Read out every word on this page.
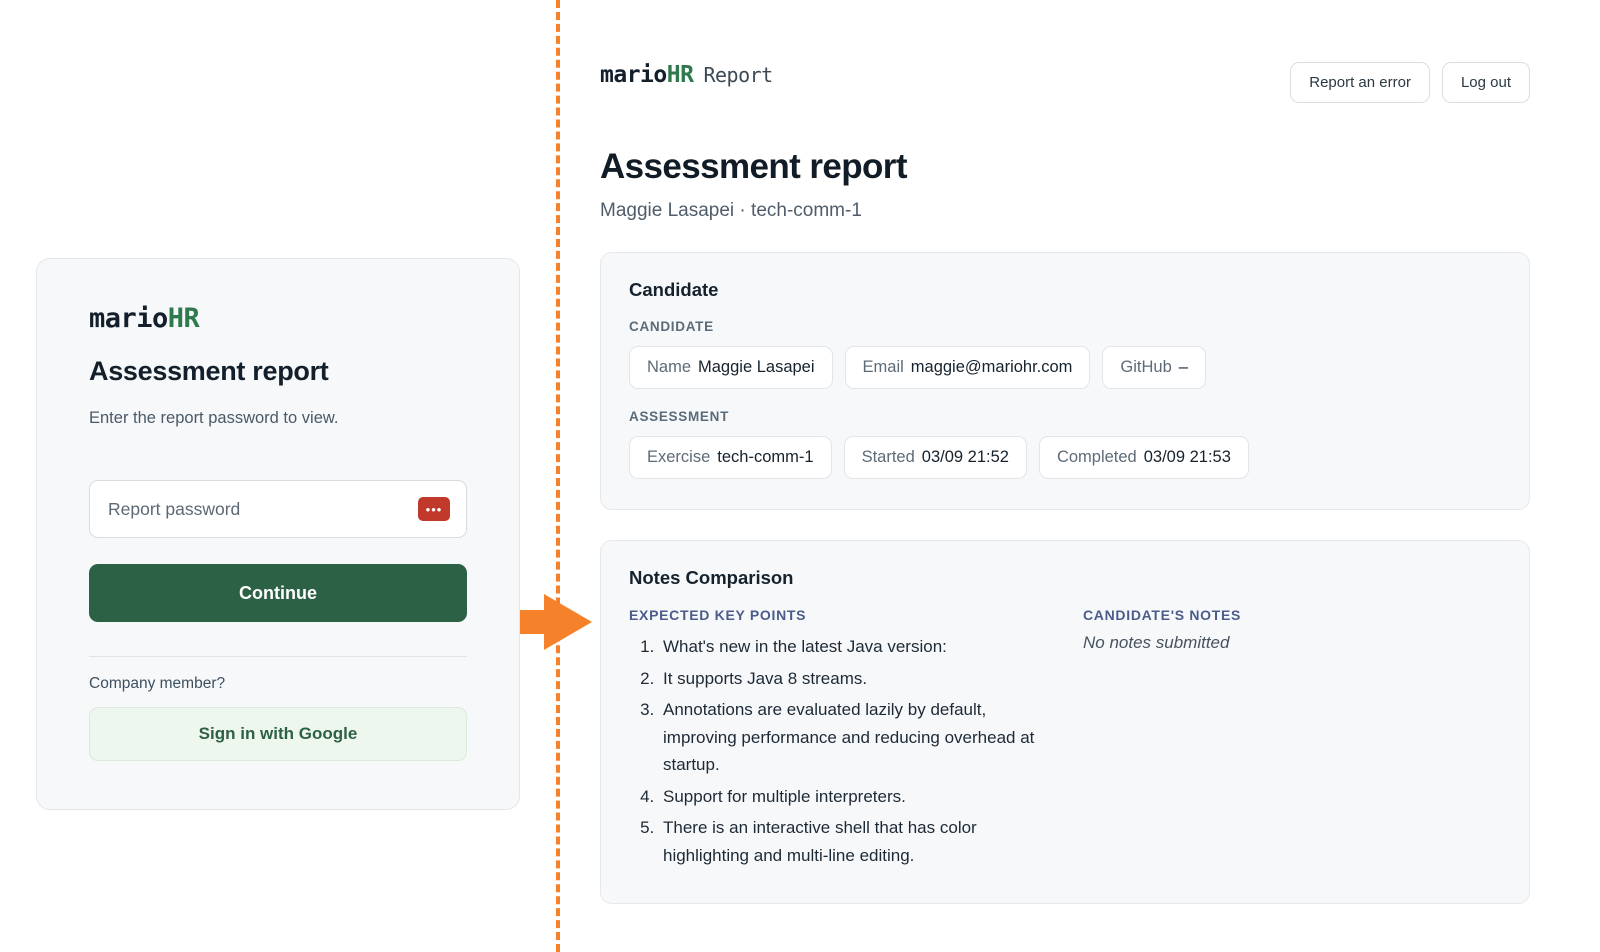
marioHR
Assessment report

Enter the report password to view.

Report password
•••
Continue

Company member?

Sign in with Google
marioHR Report	Report an error	Log out
Assessment report

Maggie Lasapei · tech-comm-1

Candidate
CANDIDATE
Name Maggie Lasapei	Email maggie@mariohr.com	GitHub –
ASSESSMENT
Exercise tech-comm-1	Started 03/09 21:52	Completed 03/09 21:53
Notes Comparison
EXPECTED KEY POINTS
1. What's new in the latest Java version:
2. It supports Java 8 streams.
3. Annotations are evaluated lazily by default, improving performance and reducing overhead at startup.
4. Support for multiple interpreters.
5. There is an interactive shell that has color highlighting and multi-line editing.
CANDIDATE'S NOTES

No notes submitted
